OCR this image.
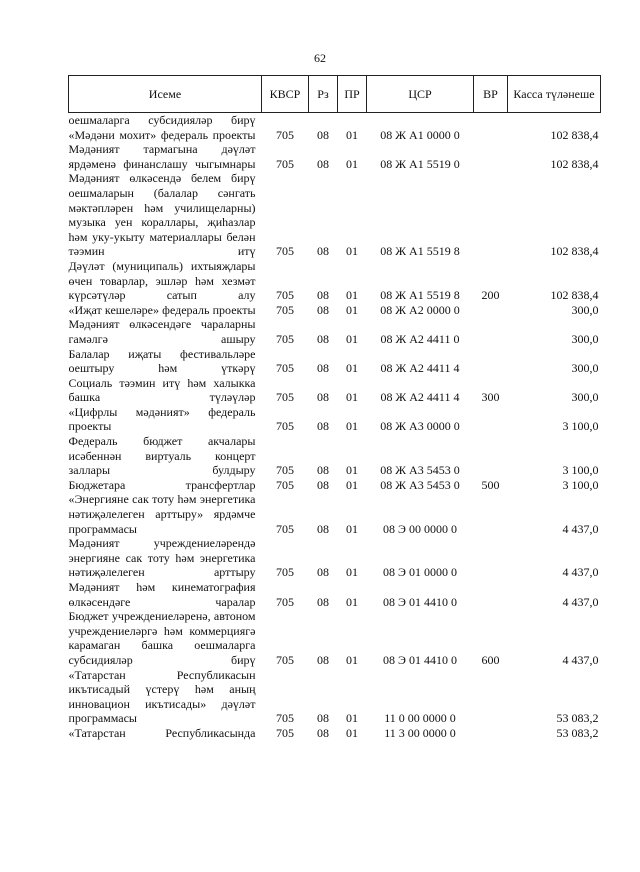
62
Исеме	КВСР	Рз	ПР	ЦСР	ВР	Касса түләнеше
оешмаларга субсидияләр бирү						
«Мәдәни мохит» федераль проекты	705	08	01	08 Ж А1 0000 0		102 838,4
Мәдәният тармагына дәүләт ярдәменә финанслашу чыгымнары	705	08	01	08 Ж А1 5519 0		102 838,4
Мәдәният өлкәсендә белем бирү оешмаларын (балалар сәнгать мәктәпләрен һәм училищеларны) музыка уен кораллары, җиһазлар һәм уку-укыту материаллары белән тәэмин итү	705	08	01	08 Ж А1 5519 8		102 838,4
Дәүләт (муниципаль) ихтыяҗлары өчен товарлар, эшләр һәм хезмәт күрсәтүләр сатып алу	705	08	01	08 Ж А1 5519 8	200	102 838,4
«Иҗат кешеләре» федераль проекты	705	08	01	08 Ж А2 0000 0		300,0
Мәдәният өлкәсендәге чараларны гамәлгә ашыру	705	08	01	08 Ж А2 4411 0		300,0
Балалар иҗаты фестивальләре оештыру һәм үткәрү	705	08	01	08 Ж А2 4411 4		300,0
Социаль тәэмин итү һәм халыкка башка түләүләр	705	08	01	08 Ж А2 4411 4	300	300,0
«Цифрлы мәдәният» федераль проекты	705	08	01	08 Ж А3 0000 0		3 100,0
Федераль бюджет акчалары исәбеннән виртуаль концерт заллары булдыру	705	08	01	08 Ж А3 5453 0		3 100,0
Бюджетара трансфертлар	705	08	01	08 Ж А3 5453 0	500	3 100,0
«Энергияне сак тоту һәм энергетика нәтиҗәлелеген арттыру» ярдәмче программасы	705	08	01	08 Э 00 0000 0		4 437,0
Мәдәният учреждениеләрендә энергияне сак тоту һәм энергетика нәтиҗәлелеген арттыру	705	08	01	08 Э 01 0000 0		4 437,0
Мәдәният һәм кинематография өлкәсендәге чаралар	705	08	01	08 Э 01 4410 0		4 437,0
Бюджет учреждениеләренә, автоном учреждениеләргә һәм коммерциягә карамаган башка оешмаларга субсидияләр бирү	705	08	01	08 Э 01 4410 0	600	4 437,0
«Татарстан Республикасын икътисадый үстерү һәм аның инновацион икътисады» дәүләт программасы	705	08	01	11 0 00 0000 0		53 083,2
«Татарстан Республикасында	705	08	01	11 3 00 0000 0		53 083,2
